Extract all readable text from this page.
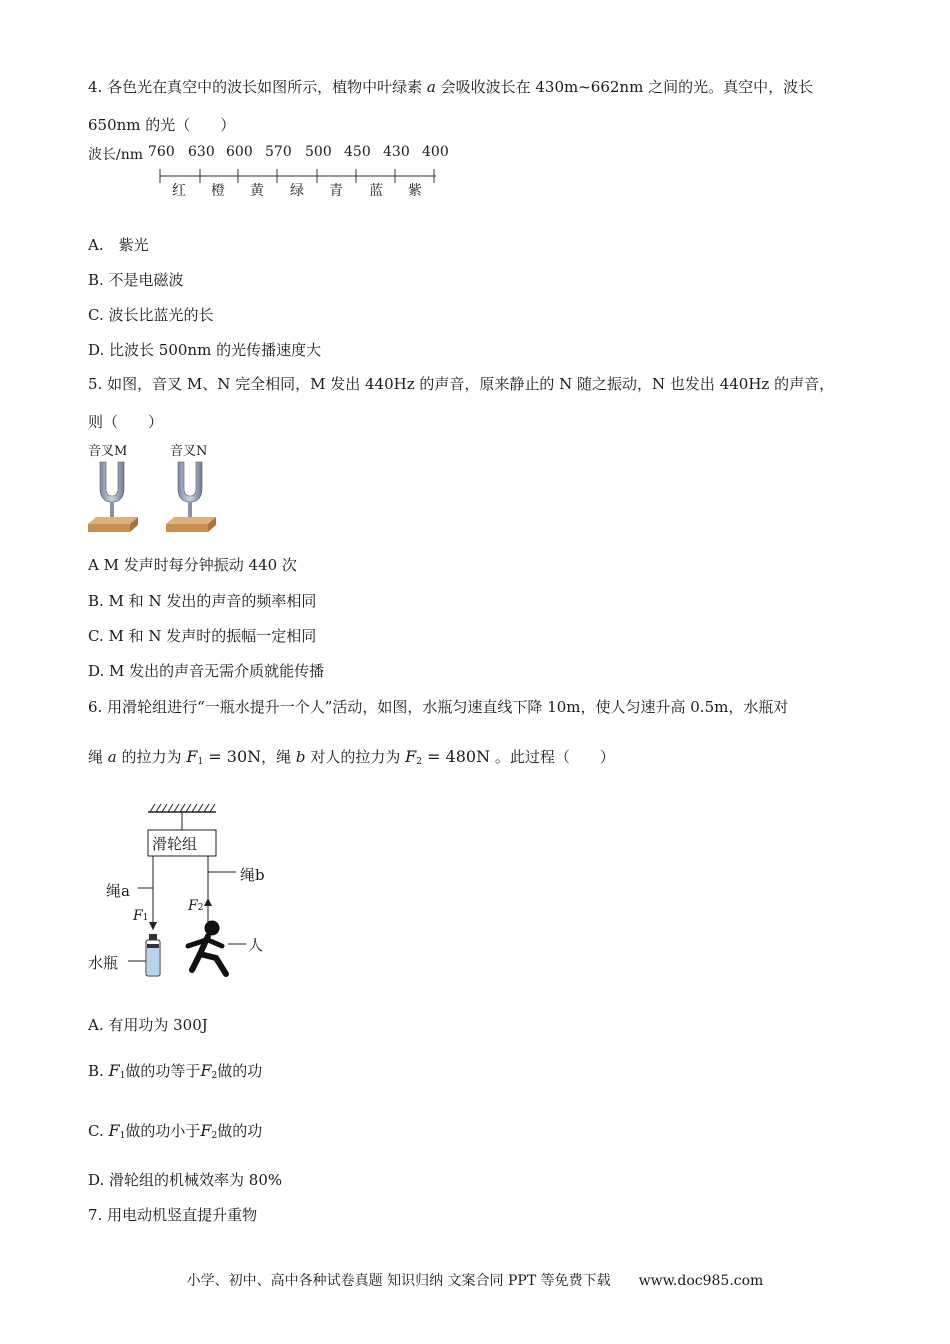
4. 各色光在真空中的波长如图所示，植物中叶绿素 a 会吸收波长在 430m~662nm 之间的光。真空中，波长
650nm 的光（　　）
波长/nm 760 630 600 570 500 450 430 400
红 橙 黄 绿 青 蓝 紫
A.　紫光
B. 不是电磁波
C. 波长比蓝光的长
D. 比波长 500nm 的光传播速度大
5. 如图，音叉 M、N 完全相同，M 发出 440Hz 的声音，原来静止的 N 随之振动，N 也发出 440Hz 的声音，
则（　　）
音叉M	音叉N
A M 发声时每分钟振动 440 次
B. M 和 N 发出的声音的频率相同
C. M 和 N 发声时的振幅一定相同
D. M 发出的声音无需介质就能传播
6. 用滑轮组进行“一瓶水提升一个人”活动，如图，水瓶匀速直线下降 10m，使人匀速升高 0.5m，水瓶对
绳 a 的拉力为 F1 = 30N，绳 b 对人的拉力为 F2 = 480N 。此过程（　　）
滑轮组
绳a
绳b
F1
F2
水瓶
人
A. 有用功为 300J
B. F1做的功等于F2做的功
C. F1做的功小于F2做的功
D. 滑轮组的机械效率为 80%
7. 用电动机竖直提升重物
小学、初中、高中各种试卷真题 知识归纳 文案合同 PPT 等免费下载　　www.doc985.com
